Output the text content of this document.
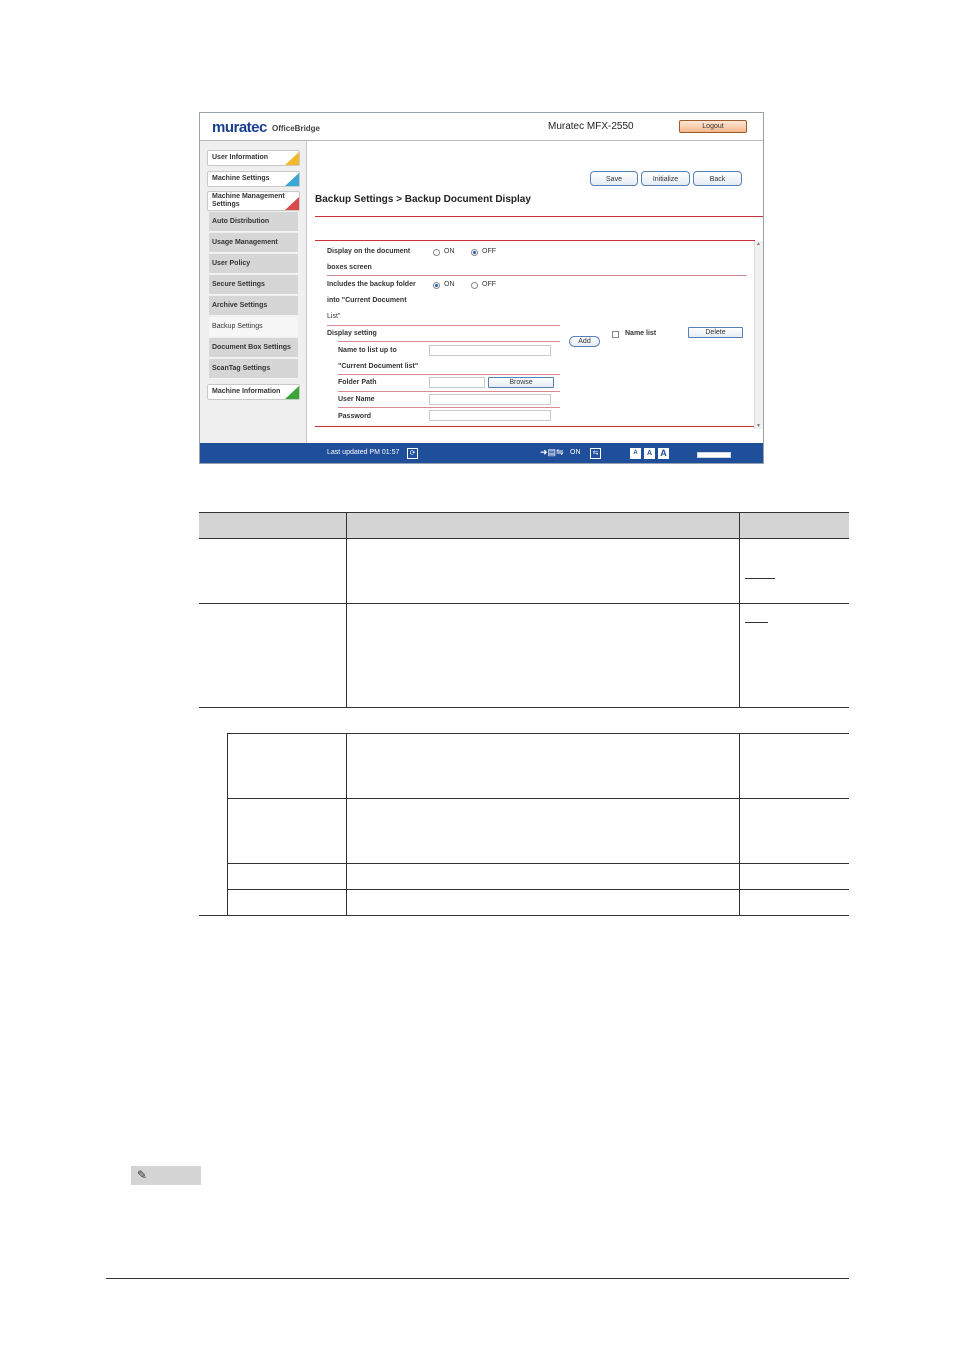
muratec OfficeBridge	Muratec MFX-2550	Logout
User Information
Machine Settings
Machine Management Settings
Auto Distribution
Usage Management
User Policy
Secure Settings
Archive Settings
Backup Settings
Document Box Settings
ScanTag Settings
Machine Information
Save	Initialize	Back
Backup Settings > Backup Document Display
Display on the document
boxes screen
ON	OFF
Includes the backup folder
into "Current Document
List"
ON	OFF
Display setting
Name to list up to
"Current Document list"
Folder Path	Browse
User Name
Password
Add
Name list	Delete
▲
▼
Last updated PM 01:57	⟳	➜▤⇋ ON	⇆	A	A A
✎
